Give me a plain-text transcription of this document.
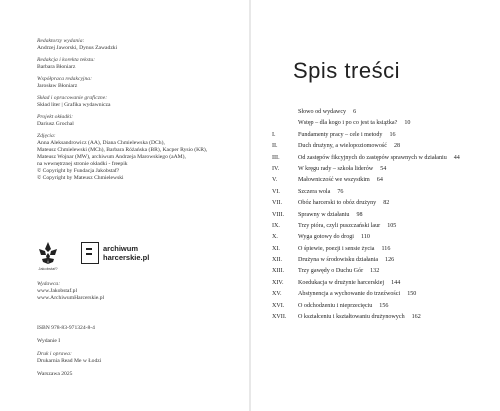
Redaktorzy wydania:
Andrzej Jaworski, Dynus Zawadzki
Redakcja i korekta tekstu:
Barbara Błoniarz
Współpraca redakcyjna:
Jarosław Błoniarz
Skład i opracowanie graficzne:
Skład liter | Grafika wydawnicza
Projekt okładki:
Dariusz Grochal
Zdjęcia:
Anna Aleksandrowicz (AA), Diana Chmielewska (DCh),
Mateusz Chmielewski (MCh), Barbara Różańska (BR), Kacper Rysio (KR),
Mateusz Wojnar (MW), archiwum Andrzeja Marowskiego (aAM),
na wewnętrznej stronie okładki - freepik
© Copyright by Fundacja Jakobstaf?
© Copyright by Mateusz Chmielewski
Jakobstaf?
archiwum
harcerskie.pl
Wydawca:
www.Jakobstaf.pl
www.ArchiwumHarcerskie.pl
ISBN 978-83-971324-8-4
Wydanie I
Druk i oprawa:
Drukarnia Read Me w Łodzi
Warszawa 2025
Spis treści
Słowo od wydawcy 6
Wstęp – dla kogo i po co jest ta książka? 10
I.	Fundamenty pracy – cele i metody 16
II.	Duch drużyny, a wielopoziomowość 28
III.	Od zastępów fikcyjnych do zastępów sprawnych w działaniu 44
IV.	W kręgu rady – szkoła liderów 54
V.	Małowniczość we wszystkim 64
VI.	Szczera wola 76
VII.	Obóz harcerski to obóz drużyny 82
VIII.	Sprawny w działaniu 98
IX.	Trzy pióra, czyli puszczański laur 105
X.	Wyga gotowy do drogi 110
XI.	O śpiewie, poezji i sensie życia 116
XII.	Drużyna w środowisku działania 126
XIII.	Trzy gawędy o Duchu Gór 132
XIV.	Koedukacja w drużynie harcerskiej 144
XV.	Abstynencja a wychowanie do trzeźwości 150
XVI.	O odchodzeniu i nieprzecięciu 156
XVII.	O kształceniu i kształtowaniu drużynowych 162
